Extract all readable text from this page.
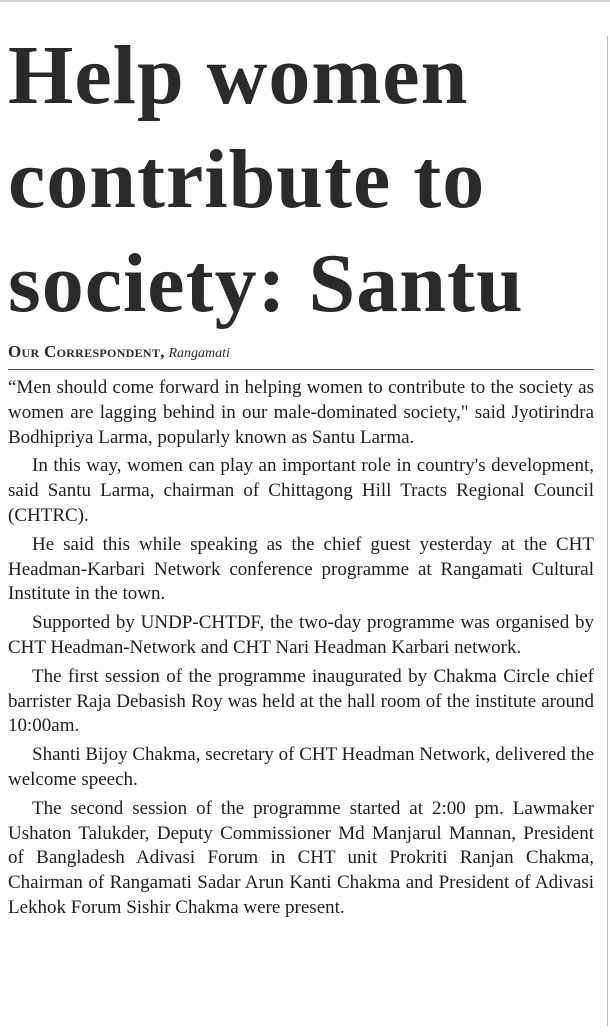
Help women
contribute to
society: Santu
Our Correspondent, Rangamati

“Men should come forward in helping women to contribute to the society as women are lagging behind in our male-dominated society," said Jyotirindra Bodhipriya Larma, popularly known as Santu Larma.

In this way, women can play an important role in country's development, said Santu Larma, chairman of Chittagong Hill Tracts Regional Council (CHTRC).

He said this while speaking as the chief guest yesterday at the CHT Headman-Karbari Network conference programme at Rangamati Cultural Institute in the town.

Supported by UNDP-CHTDF, the two-day programme was organised by CHT Headman-Network and CHT Nari Headman Karbari network.

The first session of the programme inaugurated by Chakma Circle chief barrister Raja Debasish Roy was held at the hall room of the institute around 10:00am.

Shanti Bijoy Chakma, secretary of CHT Headman Network, delivered the welcome speech.

The second session of the programme started at 2:00 pm. Lawmaker Ushaton Talukder, Deputy Commissioner Md Manjarul Mannan, President of Bangladesh Adivasi Forum in CHT unit Prokriti Ranjan Chakma, Chairman of Rangamati Sadar Arun Kanti Chakma and President of Adivasi Lekhok Forum Sishir Chakma were present.
